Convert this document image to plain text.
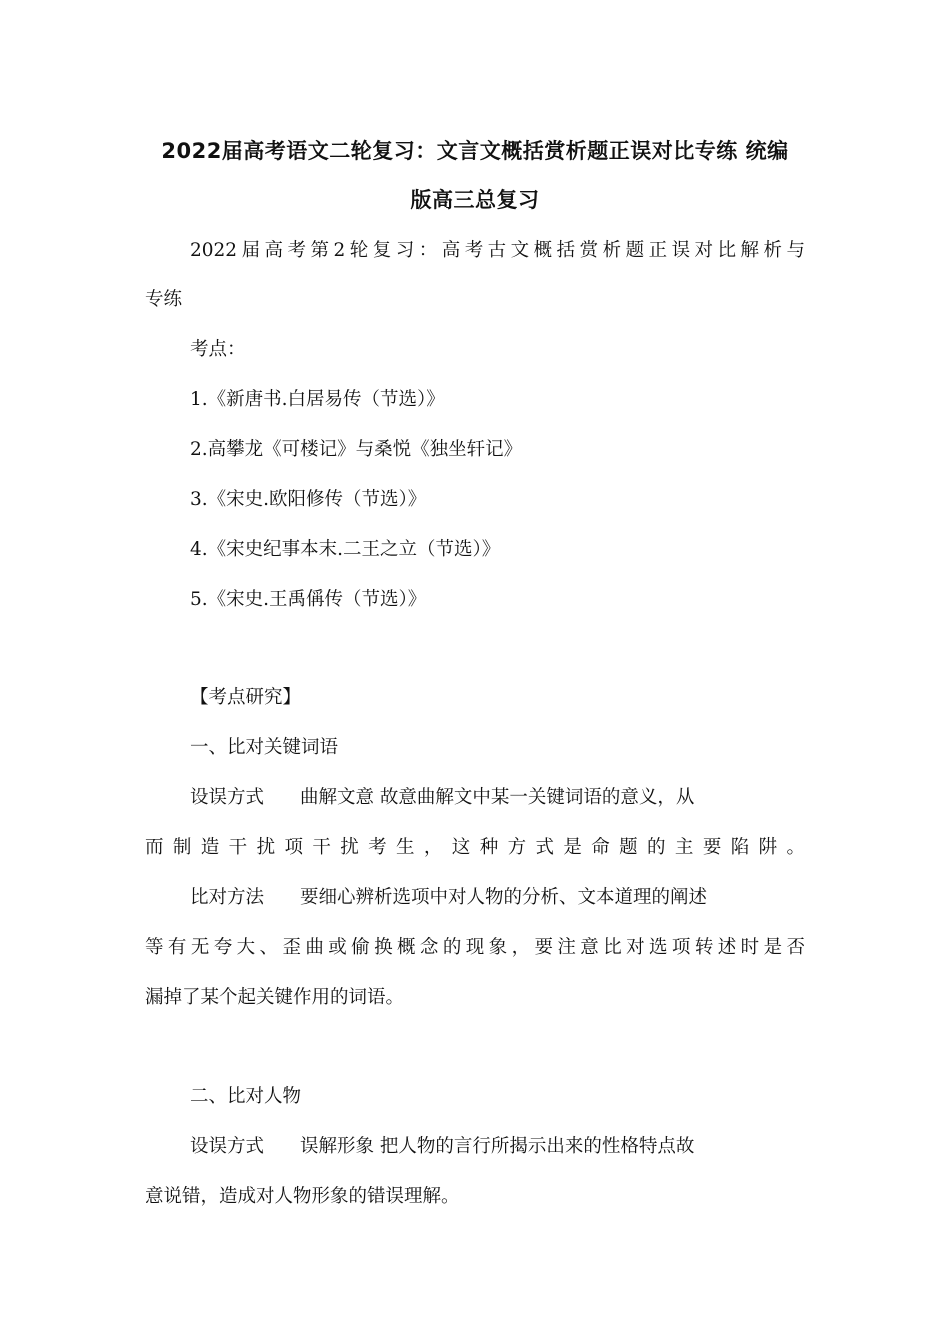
2022届高考语文二轮复习：文言文概括赏析题正误对比专练 统编
版高三总复习
2022届高考第2轮复习：高考古文概括赏析题正误对比解析与
专练
考点：
1.《新唐书.白居易传（节选）》
2.高攀龙《可楼记》与桑悦《独坐轩记》
3.《宋史.欧阳修传（节选）》
4.《宋史纪事本末.二王之立（节选）》
5.《宋史.王禹偁传（节选）》
【考点研究】
一、比对关键词语
设误方式 曲解文意 故意曲解文中某一关键词语的意义，从
而制造干扰项干扰考生，这种方式是命题的主要陷阱。
比对方法 要细心辨析选项中对人物的分析、文本道理的阐述
等有无夸大、歪曲或偷换概念的现象，要注意比对选项转述时是否
漏掉了某个起关键作用的词语。
二、比对人物
设误方式 误解形象 把人物的言行所揭示出来的性格特点故
意说错，造成对人物形象的错误理解。
